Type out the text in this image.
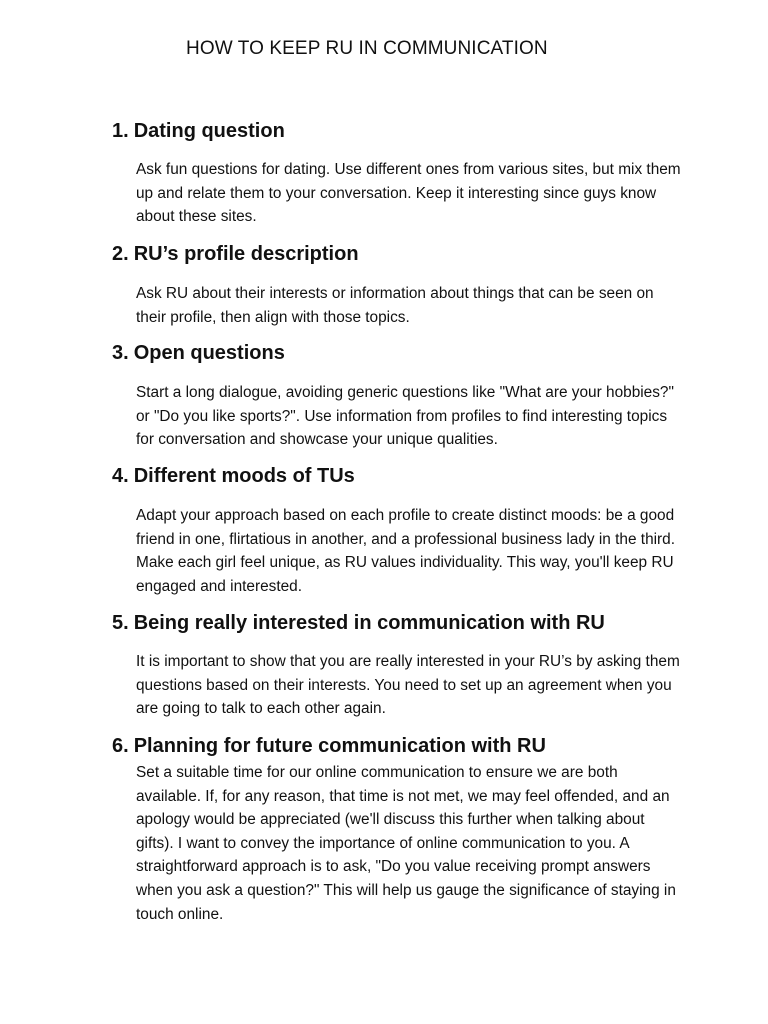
HOW TO KEEP RU IN COMMUNICATION
1. Dating question

Ask fun questions for dating. Use different ones from various sites, but mix them up and relate them to your conversation. Keep it interesting since guys know about these sites.

2. RU’s profile description

Ask RU about their interests or information about things that can be seen on their profile, then align with those topics.

3. Open questions

Start a long dialogue, avoiding generic questions like "What are your hobbies?" or "Do you like sports?". Use information from profiles to find interesting topics for conversation and showcase your unique qualities.

4. Different moods of TUs

Adapt your approach based on each profile to create distinct moods: be a good friend in one, flirtatious in another, and a professional business lady in the third. Make each girl feel unique, as RU values individuality. This way, you'll keep RU engaged and interested.

5. Being really interested in communication with RU

It is important to show that you are really interested in your RU’s by asking them questions based on their interests. You need to set up an agreement when you are going to talk to each other again.

6. Planning for future communication with RU

Set a suitable time for our online communication to ensure we are both available. If, for any reason, that time is not met, we may feel offended, and an apology would be appreciated (we'll discuss this further when talking about gifts). I want to convey the importance of online communication to you. A straightforward approach is to ask, "Do you value receiving prompt answers when you ask a question?" This will help us gauge the significance of staying in touch online.
